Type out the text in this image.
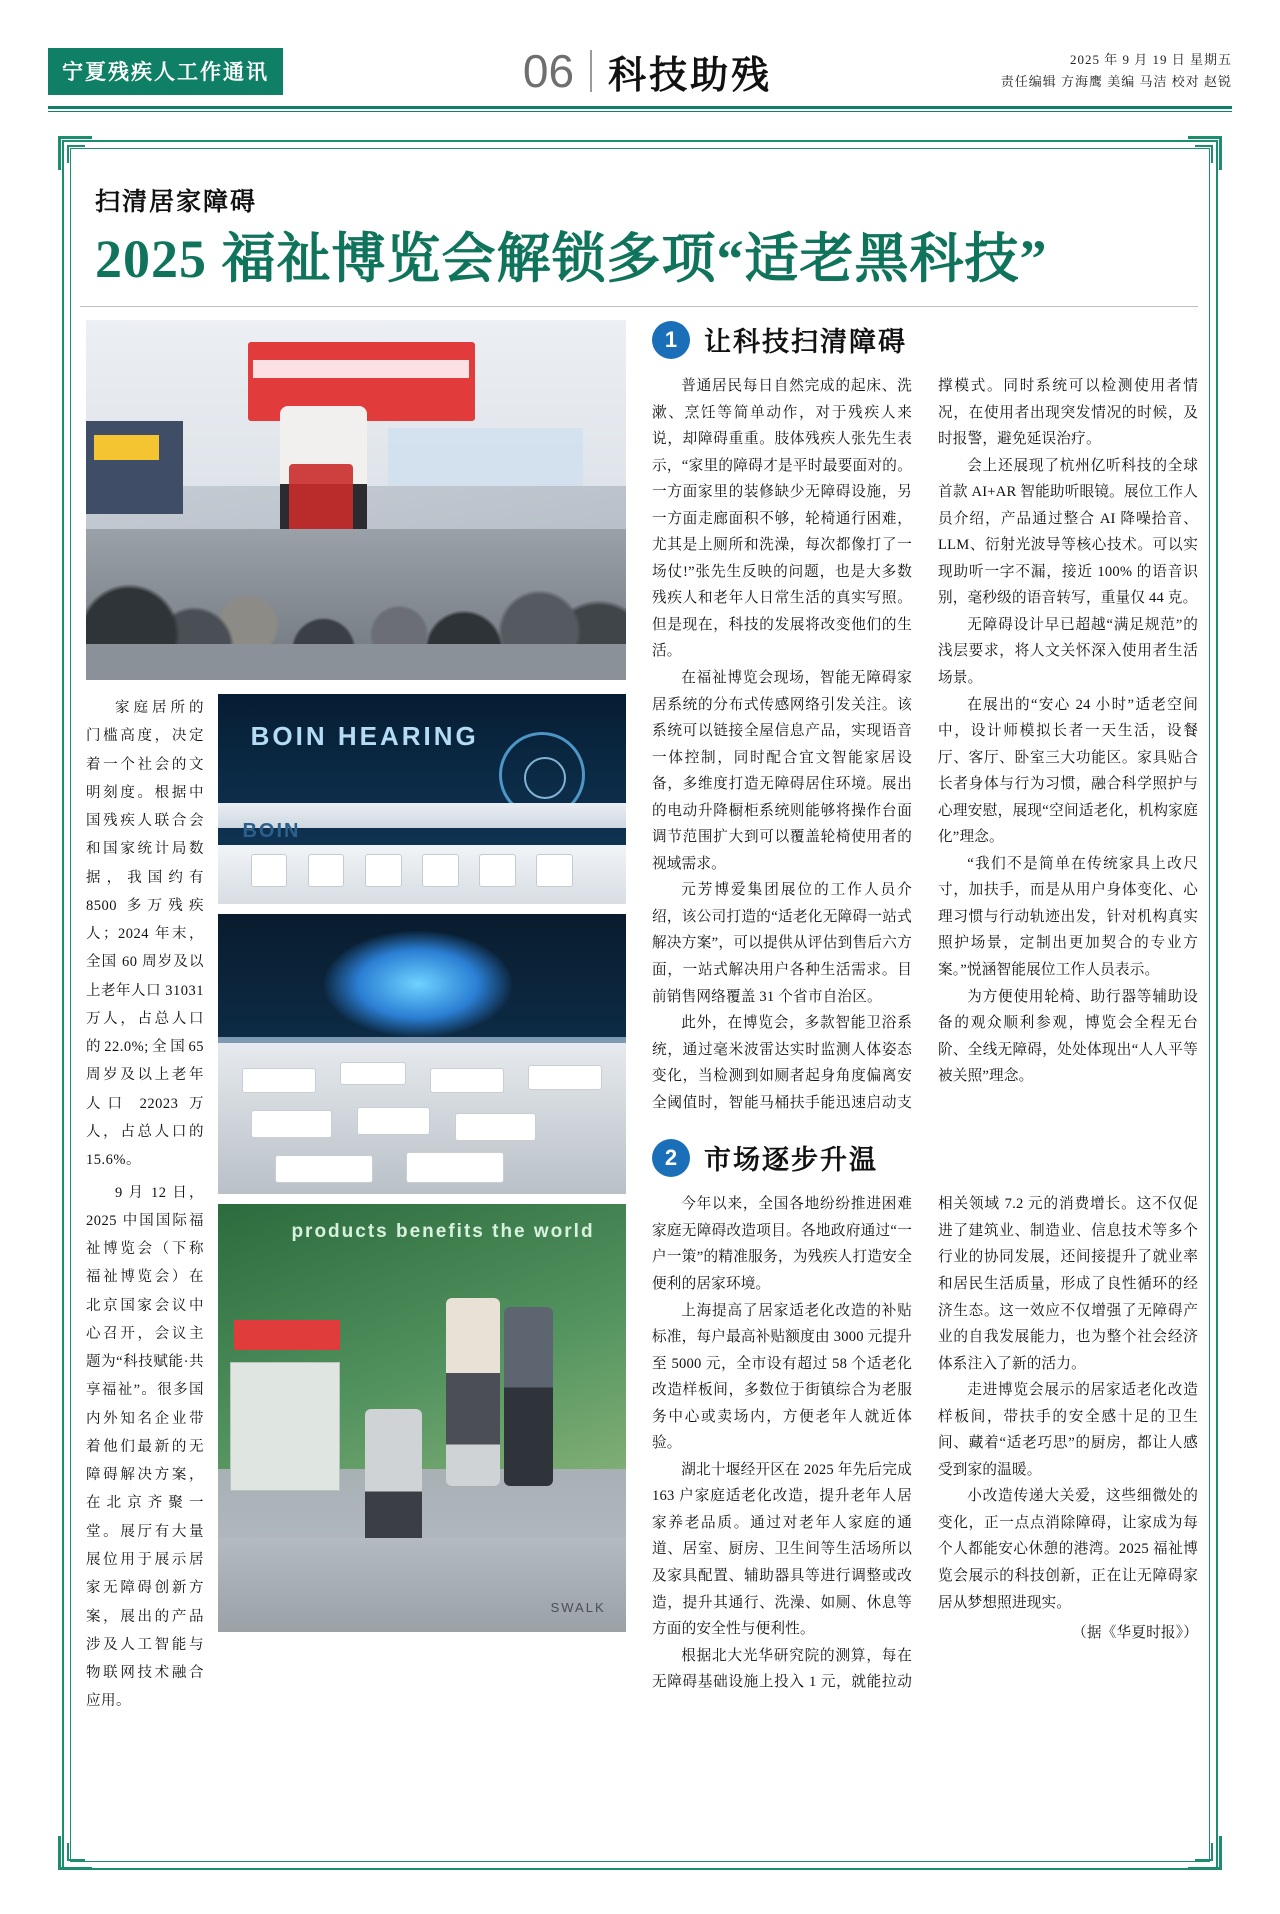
宁夏残疾人工作通讯	06 科技助残	2025 年 9 月 19 日 星期五
责任编辑 方海鹰 美编 马洁 校对 赵锐
扫清居家障碍
2025 福祉博览会解锁多项“适老黑科技”

家庭居所的门槛高度，决定着一个社会的文明刻度。根据中国残疾人联合会和国家统计局数据，我国约有8500 多万残疾人；2024 年末，全国 60 周岁及以上老年人口 31031万人，占总人口的22.0%;全国65周岁及以上老年人口 22023 万人，占总人口的 15.6%。

9 月 12 日，2025 中国国际福祉博览会（下称福祉博览会）在北京国家会议中心召开，会议主题为“科技赋能·共享福祉”。很多国内外知名企业带着他们最新的无障碍解决方案，在北京齐聚一堂。展厅有大量展位用于展示居家无障碍创新方案，展出的产品涉及人工智能与物联网技术融合应用。

BOIN HEARING
BOIN
products benefits the world
SWALK
1 让科技扫清障碍

普通居民每日自然完成的起床、洗漱、烹饪等简单动作，对于残疾人来说，却障碍重重。肢体残疾人张先生表示，“家里的障碍才是平时最要面对的。一方面家里的装修缺少无障碍设施，另一方面走廊面积不够，轮椅通行困难，尤其是上厕所和洗澡，每次都像打了一场仗!”张先生反映的问题，也是大多数残疾人和老年人日常生活的真实写照。但是现在，科技的发展将改变他们的生活。

在福祉博览会现场，智能无障碍家居系统的分布式传感网络引发关注。该系统可以链接全屋信息产品，实现语音一体控制，同时配合宜文智能家居设备，多维度打造无障碍居住环境。展出的电动升降橱柜系统则能够将操作台面调节范围扩大到可以覆盖轮椅使用者的视域需求。

元芳博爱集团展位的工作人员介绍，该公司打造的“适老化无障碍一站式解决方案”，可以提供从评估到售后六方面，一站式解决用户各种生活需求。目前销售网络覆盖 31 个省市自治区。

此外，在博览会，多款智能卫浴系统，通过毫米波雷达实时监测人体姿态变化，当检测到如厕者起身角度偏离安全阈值时，智能马桶扶手能迅速启动支撑模式。同时系统可以检测使用者情况，在使用者出现突发情况的时候，及时报警，避免延误治疗。

会上还展现了杭州亿听科技的全球首款 AI+AR 智能助听眼镜。展位工作人员介绍，产品通过整合 AI 降噪拾音、LLM、衍射光波导等核心技术。可以实现助听一字不漏，接近 100% 的语音识别，毫秒级的语音转写，重量仅 44 克。

无障碍设计早已超越“满足规范”的浅层要求，将人文关怀深入使用者生活场景。

在展出的“安心 24 小时”适老空间中，设计师模拟长者一天生活，设餐厅、客厅、卧室三大功能区。家具贴合长者身体与行为习惯，融合科学照护与心理安慰，展现“空间适老化，机构家庭化”理念。

“我们不是简单在传统家具上改尺寸，加扶手，而是从用户身体变化、心理习惯与行动轨迹出发，针对机构真实照护场景，定制出更加契合的专业方案。”悦涵智能展位工作人员表示。

为方便使用轮椅、助行器等辅助设备的观众顺利参观，博览会全程无台阶、全线无障碍，处处体现出“人人平等被关照”理念。

2 市场逐步升温

今年以来，全国各地纷纷推进困难家庭无障碍改造项目。各地政府通过“一户一策”的精准服务，为残疾人打造安全便利的居家环境。

上海提高了居家适老化改造的补贴标准，每户最高补贴额度由 3000 元提升至 5000 元，全市设有超过 58 个适老化改造样板间，多数位于街镇综合为老服务中心或卖场内，方便老年人就近体验。

湖北十堰经开区在 2025 年先后完成 163 户家庭适老化改造，提升老年人居家养老品质。通过对老年人家庭的通道、居室、厨房、卫生间等生活场所以及家具配置、辅助器具等进行调整或改造，提升其通行、洗澡、如厕、休息等方面的安全性与便利性。

根据北大光华研究院的测算，每在无障碍基础设施上投入 1 元，就能拉动相关领域 7.2 元的消费增长。这不仅促进了建筑业、制造业、信息技术等多个行业的协同发展，还间接提升了就业率和居民生活质量，形成了良性循环的经济生态。这一效应不仅增强了无障碍产业的自我发展能力，也为整个社会经济体系注入了新的活力。

走进博览会展示的居家适老化改造样板间，带扶手的安全感十足的卫生间、藏着“适老巧思”的厨房，都让人感受到家的温暖。

小改造传递大关爱，这些细微处的变化，正一点点消除障碍，让家成为每个人都能安心休憩的港湾。2025 福祉博览会展示的科技创新，正在让无障碍家居从梦想照进现实。

（据《华夏时报》）
